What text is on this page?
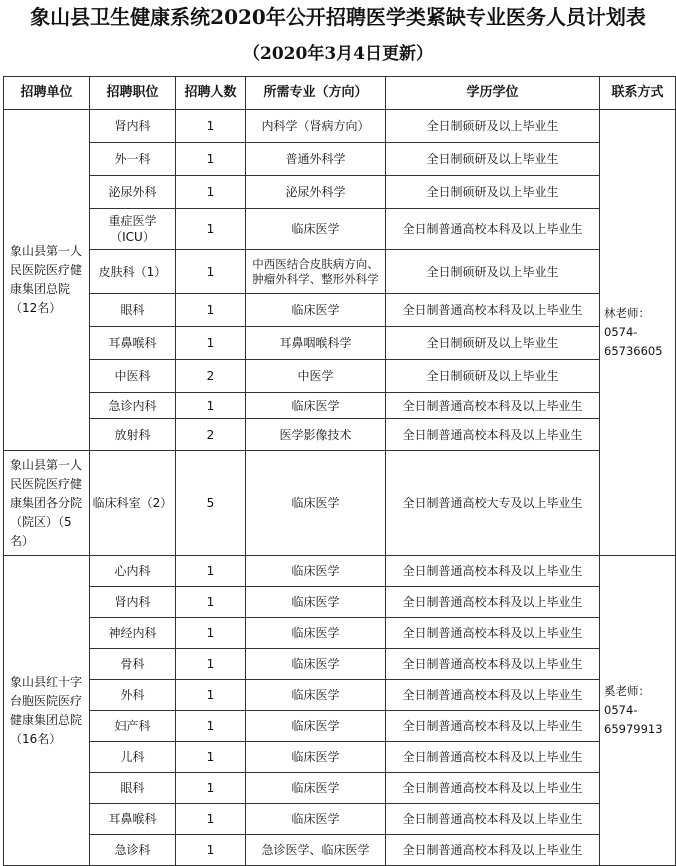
象山县卫生健康系统2020年公开招聘医学类紧缺专业医务人员计划表
（2020年3月4日更新）
招聘单位	招聘职位	招聘人数	所需专业（方向）	学历学位	联系方式
象山县第一人民医院医疗健康集团总院（12名）	肾内科	1	内科学（肾病方向）	全日制硕研及以上毕业生	林老师：0574-65736605
	外一科	1	普通外科学	全日制硕研及以上毕业生	
	泌尿外科	1	泌尿外科学	全日制硕研及以上毕业生	
	重症医学（ICU）	1	临床医学	全日制普通高校本科及以上毕业生	
	皮肤科（1）	1	中西医结合皮肤病方向、肿瘤外科学、整形外科学	全日制硕研及以上毕业生	
	眼科	1	临床医学	全日制普通高校本科及以上毕业生	
	耳鼻喉科	1	耳鼻咽喉科学	全日制硕研及以上毕业生	
	中医科	2	中医学	全日制硕研及以上毕业生	
	急诊内科	1	临床医学	全日制普通高校本科及以上毕业生	
	放射科	2	医学影像技术	全日制普通高校本科及以上毕业生	
象山县第一人民医院医疗健康集团各分院（院区）（5名）	临床科室（2）	5	临床医学	全日制普通高校大专及以上毕业生	
象山县红十字台胞医院医疗健康集团总院（16名）	心内科	1	临床医学	全日制普通高校本科及以上毕业生	奚老师：0574-65979913
	肾内科	1	临床医学	全日制普通高校本科及以上毕业生	
	神经内科	1	临床医学	全日制普通高校本科及以上毕业生	
	骨科	1	临床医学	全日制普通高校本科及以上毕业生	
	外科	1	临床医学	全日制普通高校本科及以上毕业生	
	妇产科	1	临床医学	全日制普通高校本科及以上毕业生	
	儿科	1	临床医学	全日制普通高校本科及以上毕业生	
	眼科	1	临床医学	全日制普通高校本科及以上毕业生	
	耳鼻喉科	1	临床医学	全日制普通高校本科及以上毕业生	
	急诊科	1	急诊医学、临床医学	全日制普通高校本科及以上毕业生	
